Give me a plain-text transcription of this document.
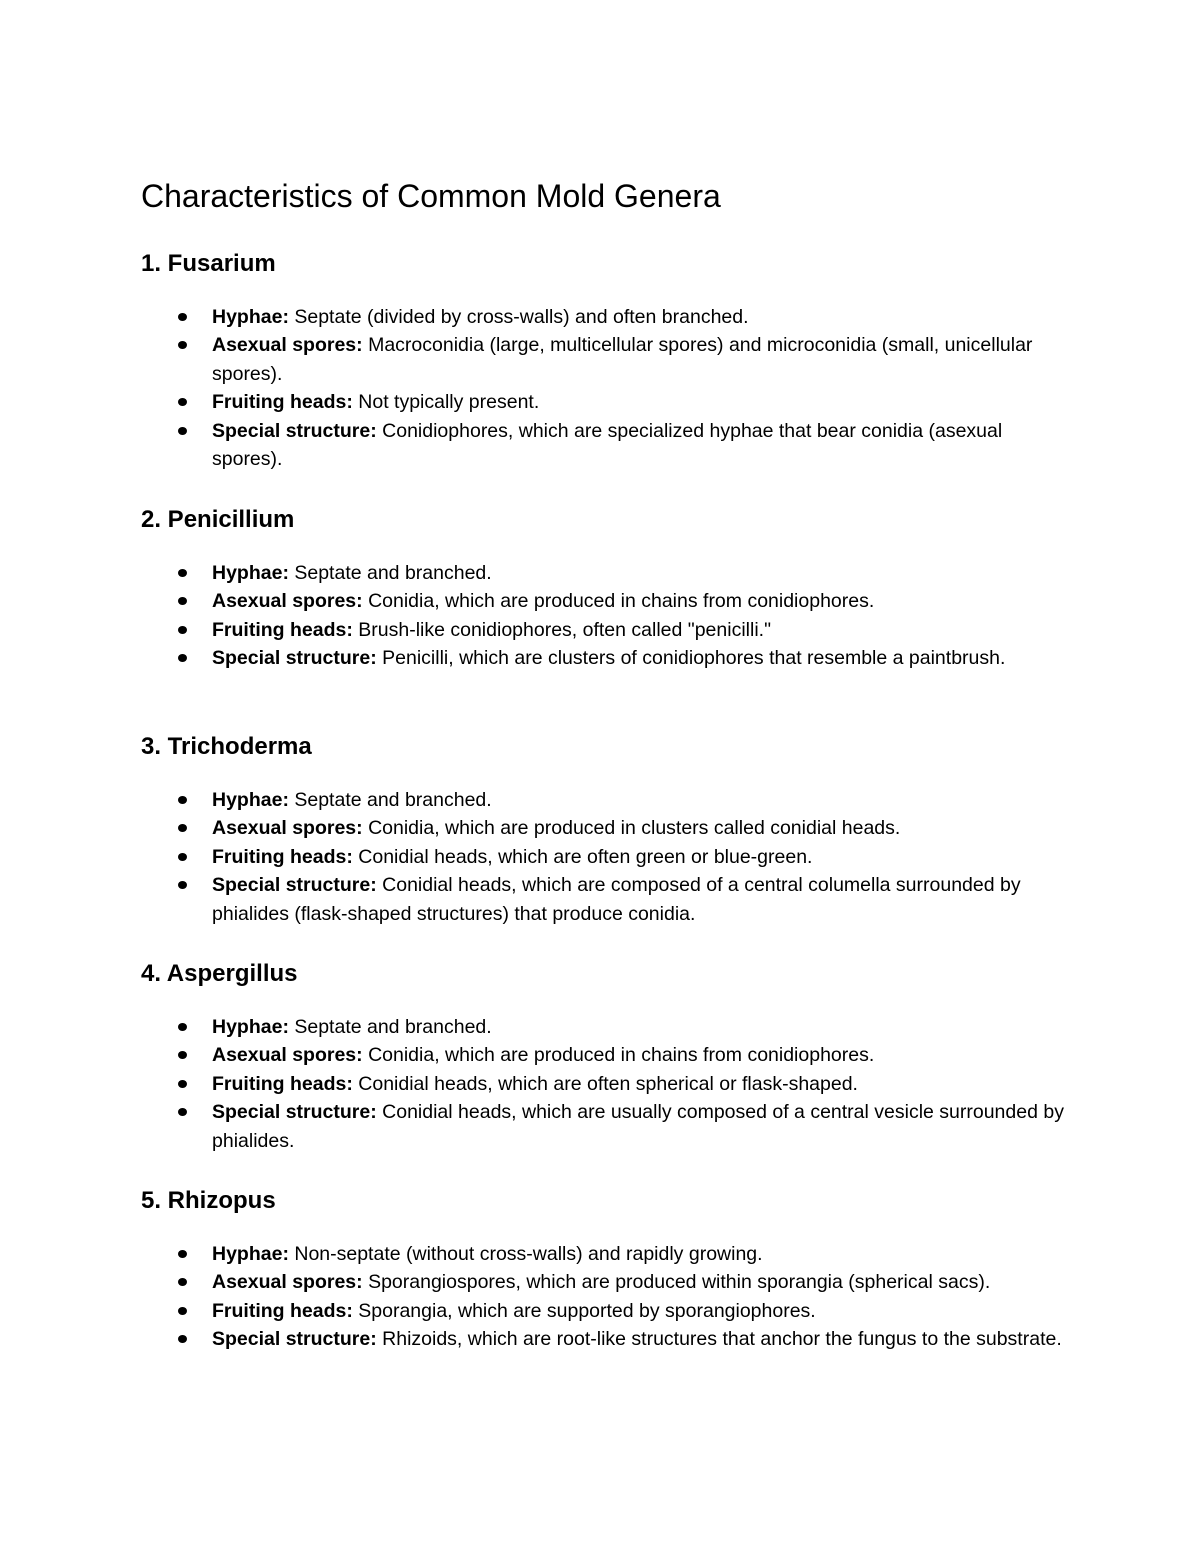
Characteristics of Common Mold Genera
1. Fusarium
Hyphae: Septate (divided by cross-walls) and often branched.
Asexual spores: Macroconidia (large, multicellular spores) and microconidia (small, unicellular spores).
Fruiting heads: Not typically present.
Special structure: Conidiophores, which are specialized hyphae that bear conidia (asexual spores).
2. Penicillium
Hyphae: Septate and branched.
Asexual spores: Conidia, which are produced in chains from conidiophores.
Fruiting heads: Brush-like conidiophores, often called "penicilli."
Special structure: Penicilli, which are clusters of conidiophores that resemble a paintbrush.
3. Trichoderma
Hyphae: Septate and branched.
Asexual spores: Conidia, which are produced in clusters called conidial heads.
Fruiting heads: Conidial heads, which are often green or blue-green.
Special structure: Conidial heads, which are composed of a central columella surrounded by phialides (flask-shaped structures) that produce conidia.
4. Aspergillus
Hyphae: Septate and branched.
Asexual spores: Conidia, which are produced in chains from conidiophores.
Fruiting heads: Conidial heads, which are often spherical or flask-shaped.
Special structure: Conidial heads, which are usually composed of a central vesicle surrounded by phialides.
5. Rhizopus
Hyphae: Non-septate (without cross-walls) and rapidly growing.
Asexual spores: Sporangiospores, which are produced within sporangia (spherical sacs).
Fruiting heads: Sporangia, which are supported by sporangiophores.
Special structure: Rhizoids, which are root-like structures that anchor the fungus to the substrate.
